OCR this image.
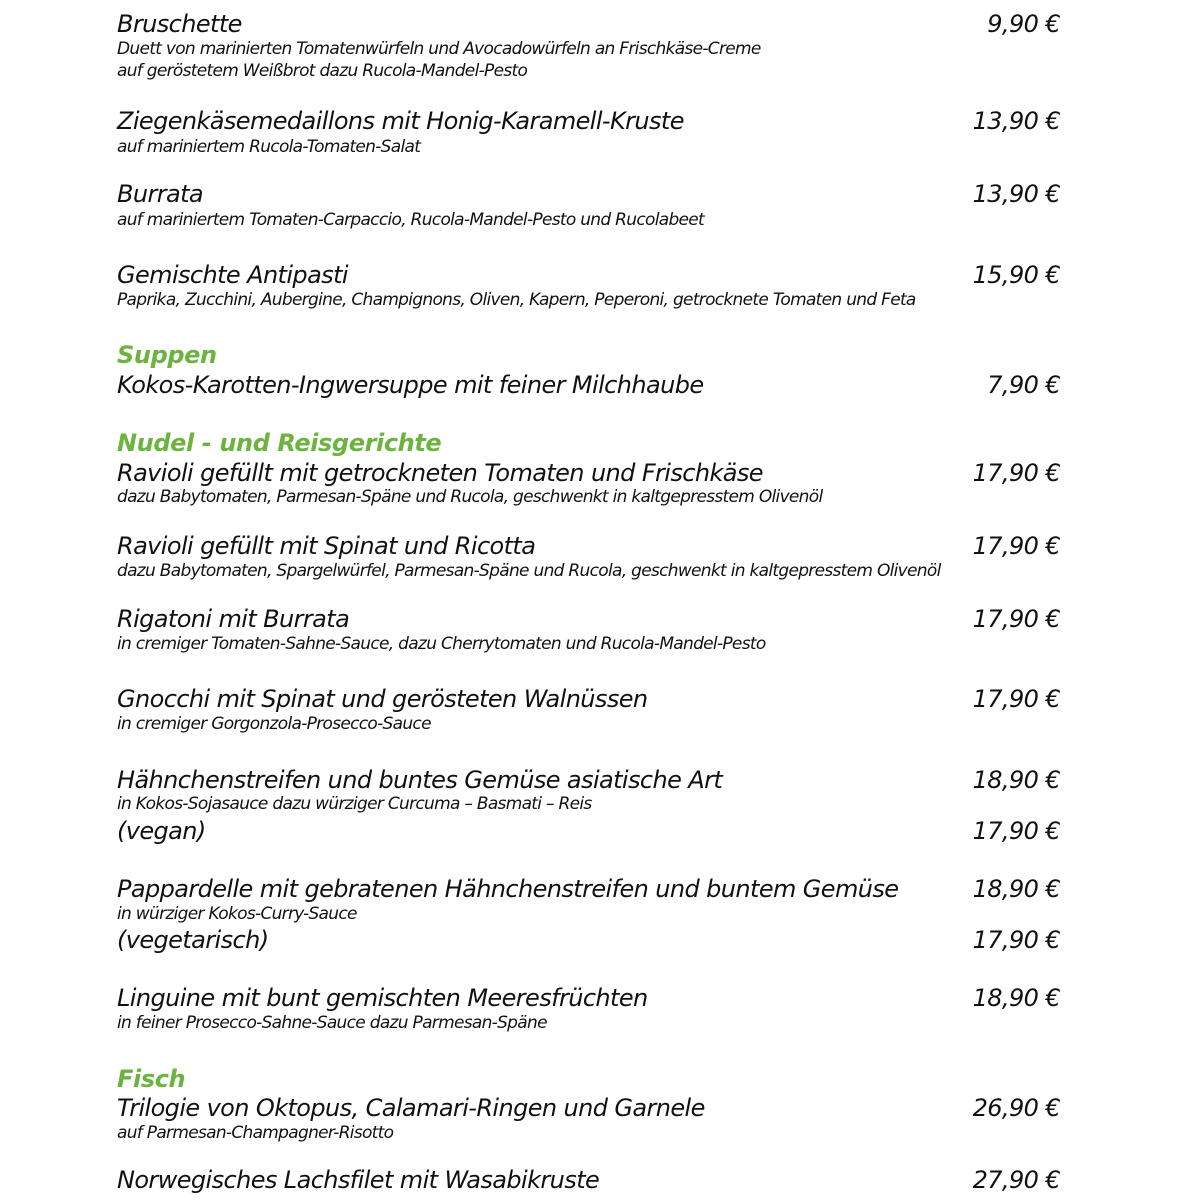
Bruschette	9,90 €
Duett von marinierten Tomatenwürfeln und Avocadowürfeln an Frischkäse-Creme
auf geröstetem Weißbrot dazu Rucola-Mandel-Pesto
Ziegenkäsemedaillons mit Honig-Karamell-Kruste	13,90 €
auf mariniertem Rucola-Tomaten-Salat
Burrata	13,90 €
auf mariniertem Tomaten-Carpaccio, Rucola-Mandel-Pesto und Rucolabeet
Gemischte Antipasti	15,90 €
Paprika, Zucchini, Aubergine, Champignons, Oliven, Kapern, Peperoni, getrocknete Tomaten und Feta
Suppen
Kokos-Karotten-Ingwersuppe mit feiner Milchhaube	7,90 €
Nudel - und Reisgerichte
Ravioli gefüllt mit getrockneten Tomaten und Frischkäse	17,90 €
dazu Babytomaten, Parmesan-Späne und Rucola, geschwenkt in kaltgepresstem Olivenöl
Ravioli gefüllt mit Spinat und Ricotta	17,90 €
dazu Babytomaten, Spargelwürfel, Parmesan-Späne und Rucola, geschwenkt in kaltgepresstem Olivenöl
Rigatoni mit Burrata	17,90 €
in cremiger Tomaten-Sahne-Sauce, dazu Cherrytomaten und Rucola-Mandel-Pesto
Gnocchi mit Spinat und gerösteten Walnüssen	17,90 €
in cremiger Gorgonzola-Prosecco-Sauce
Hähnchenstreifen und buntes Gemüse asiatische Art	18,90 €
in Kokos-Sojasauce dazu würziger Curcuma – Basmati – Reis
(vegan)	17,90 €
Pappardelle mit gebratenen Hähnchenstreifen und buntem Gemüse	18,90 €
in würziger Kokos-Curry-Sauce
(vegetarisch)	17,90 €
Linguine mit bunt gemischten Meeresfrüchten	18,90 €
in feiner Prosecco-Sahne-Sauce dazu Parmesan-Späne
Fisch
Trilogie von Oktopus, Calamari-Ringen und Garnele	26,90 €
auf Parmesan-Champagner-Risotto
Norwegisches Lachsfilet mit Wasabikruste	27,90 €
